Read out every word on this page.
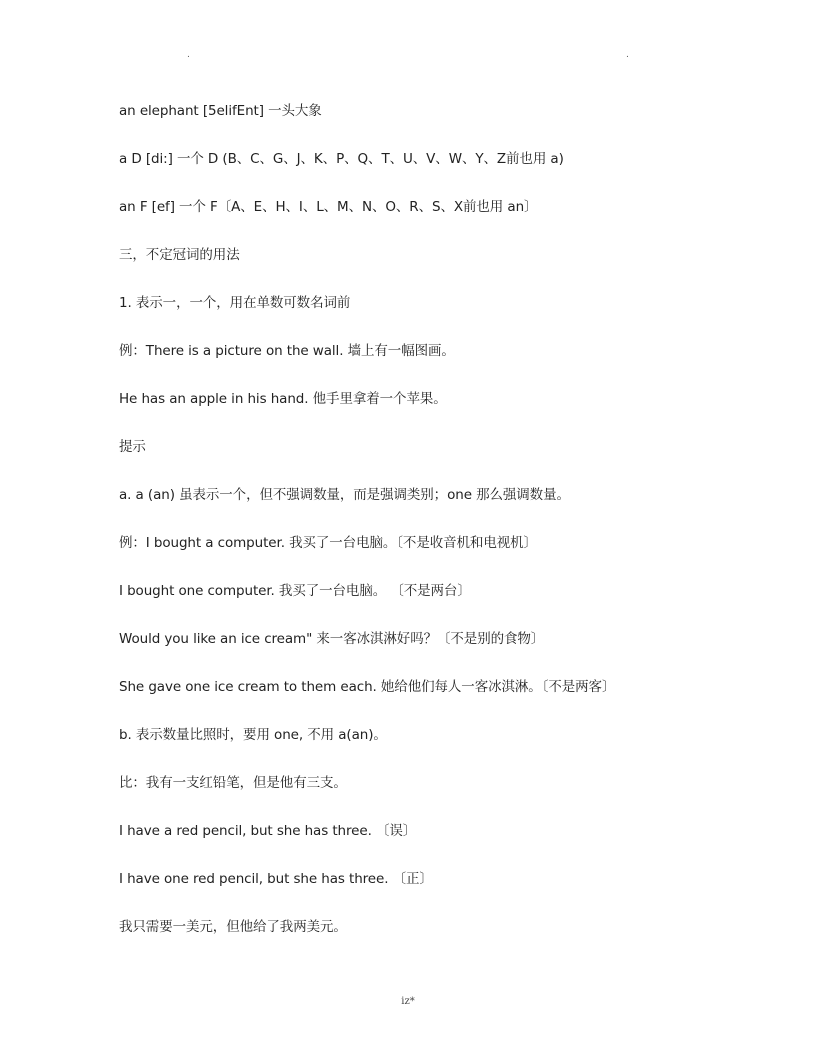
.	.
an elephant [5elifEnt] 一头大象
a D [di:] 一个 D (B、C、G、J、K、P、Q、T、U、V、W、Y、Z前也用 a)
an F [ef] 一个 F〔A、E、H、I、L、M、N、O、R、S、X前也用 an〕
三，不定冠词的用法
1. 表示一，一个，用在单数可数名词前
例：There is a picture on the wall. 墙上有一幅图画。
He has an apple in his hand. 他手里拿着一个苹果。
提示
a. a (an) 虽表示一个，但不强调数量，而是强调类别；one 那么强调数量。
例：I bought a computer. 我买了一台电脑。〔不是收音机和电视机〕
I bought one computer. 我买了一台电脑。 〔不是两台〕
Would you like an ice cream" 来一客冰淇淋好吗？〔不是别的食物〕
She gave one ice cream to them each. 她给他们每人一客冰淇淋。〔不是两客〕
b. 表示数量比照时，要用 one, 不用 a(an)。
比：我有一支红铅笔，但是他有三支。
I have a red pencil, but she has three. 〔误〕
I have one red pencil, but she has three. 〔正〕
我只需要一美元，但他给了我两美元。
iz*
